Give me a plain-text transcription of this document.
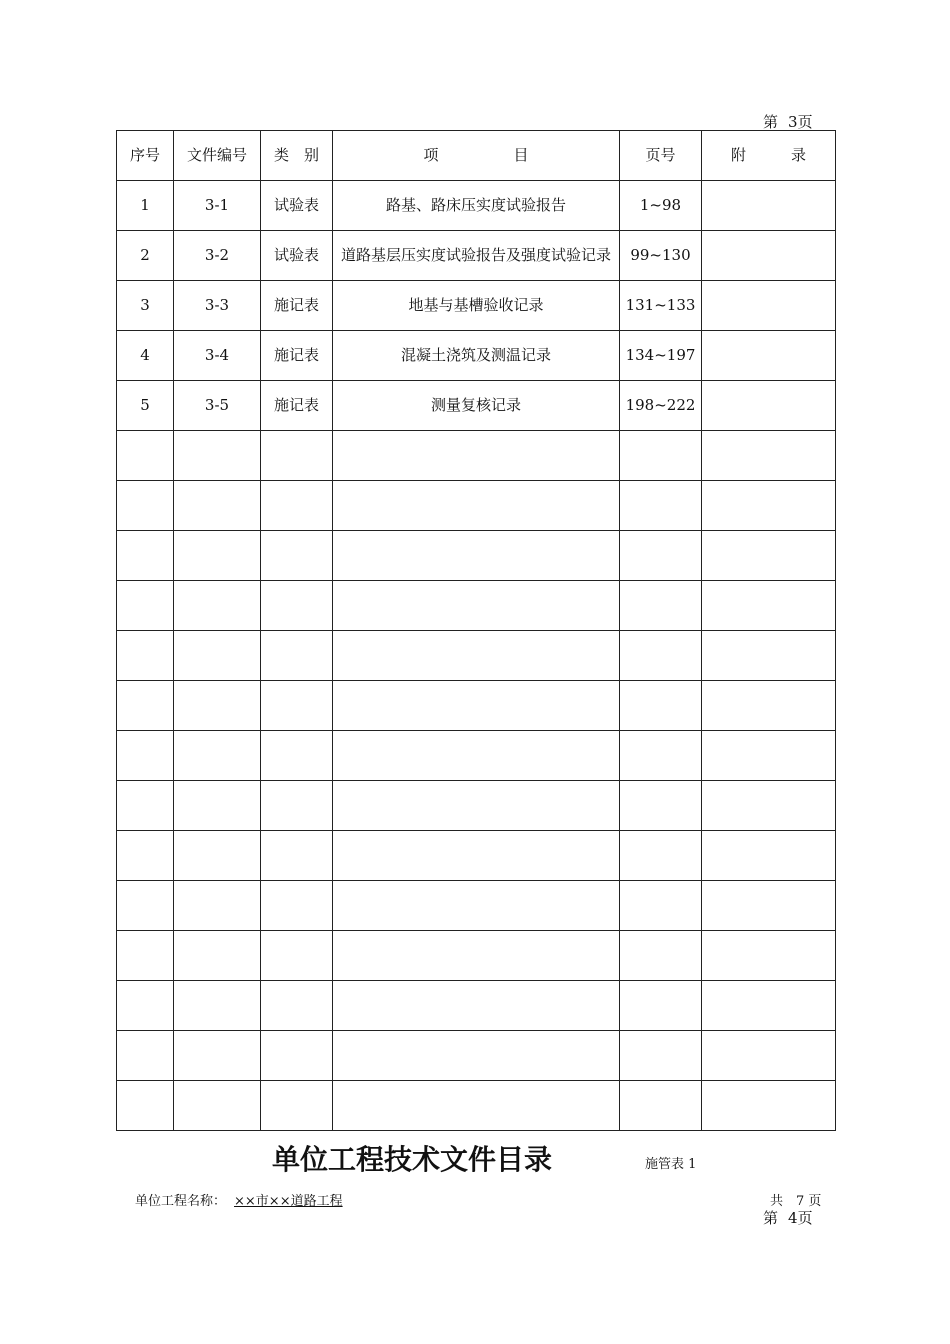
第 3页
序号	文件编号	类　别	项　　　　　目	页号	附　　　录
1	3-1	试验表	路基、路床压实度试验报告	1~98	
2	3-2	试验表	道路基层压实度试验报告及强度试验记录	99~130	
3	3-3	施记表	地基与基槽验收记录	131~133	
4	3-4	施记表	混凝土浇筑及测温记录	134~197	
5	3-5	施记表	测量复核记录	198~222	

单位工程技术文件目录	施管表 1
单位工程名称： ××市××道路工程	共　7 页
第 4页
